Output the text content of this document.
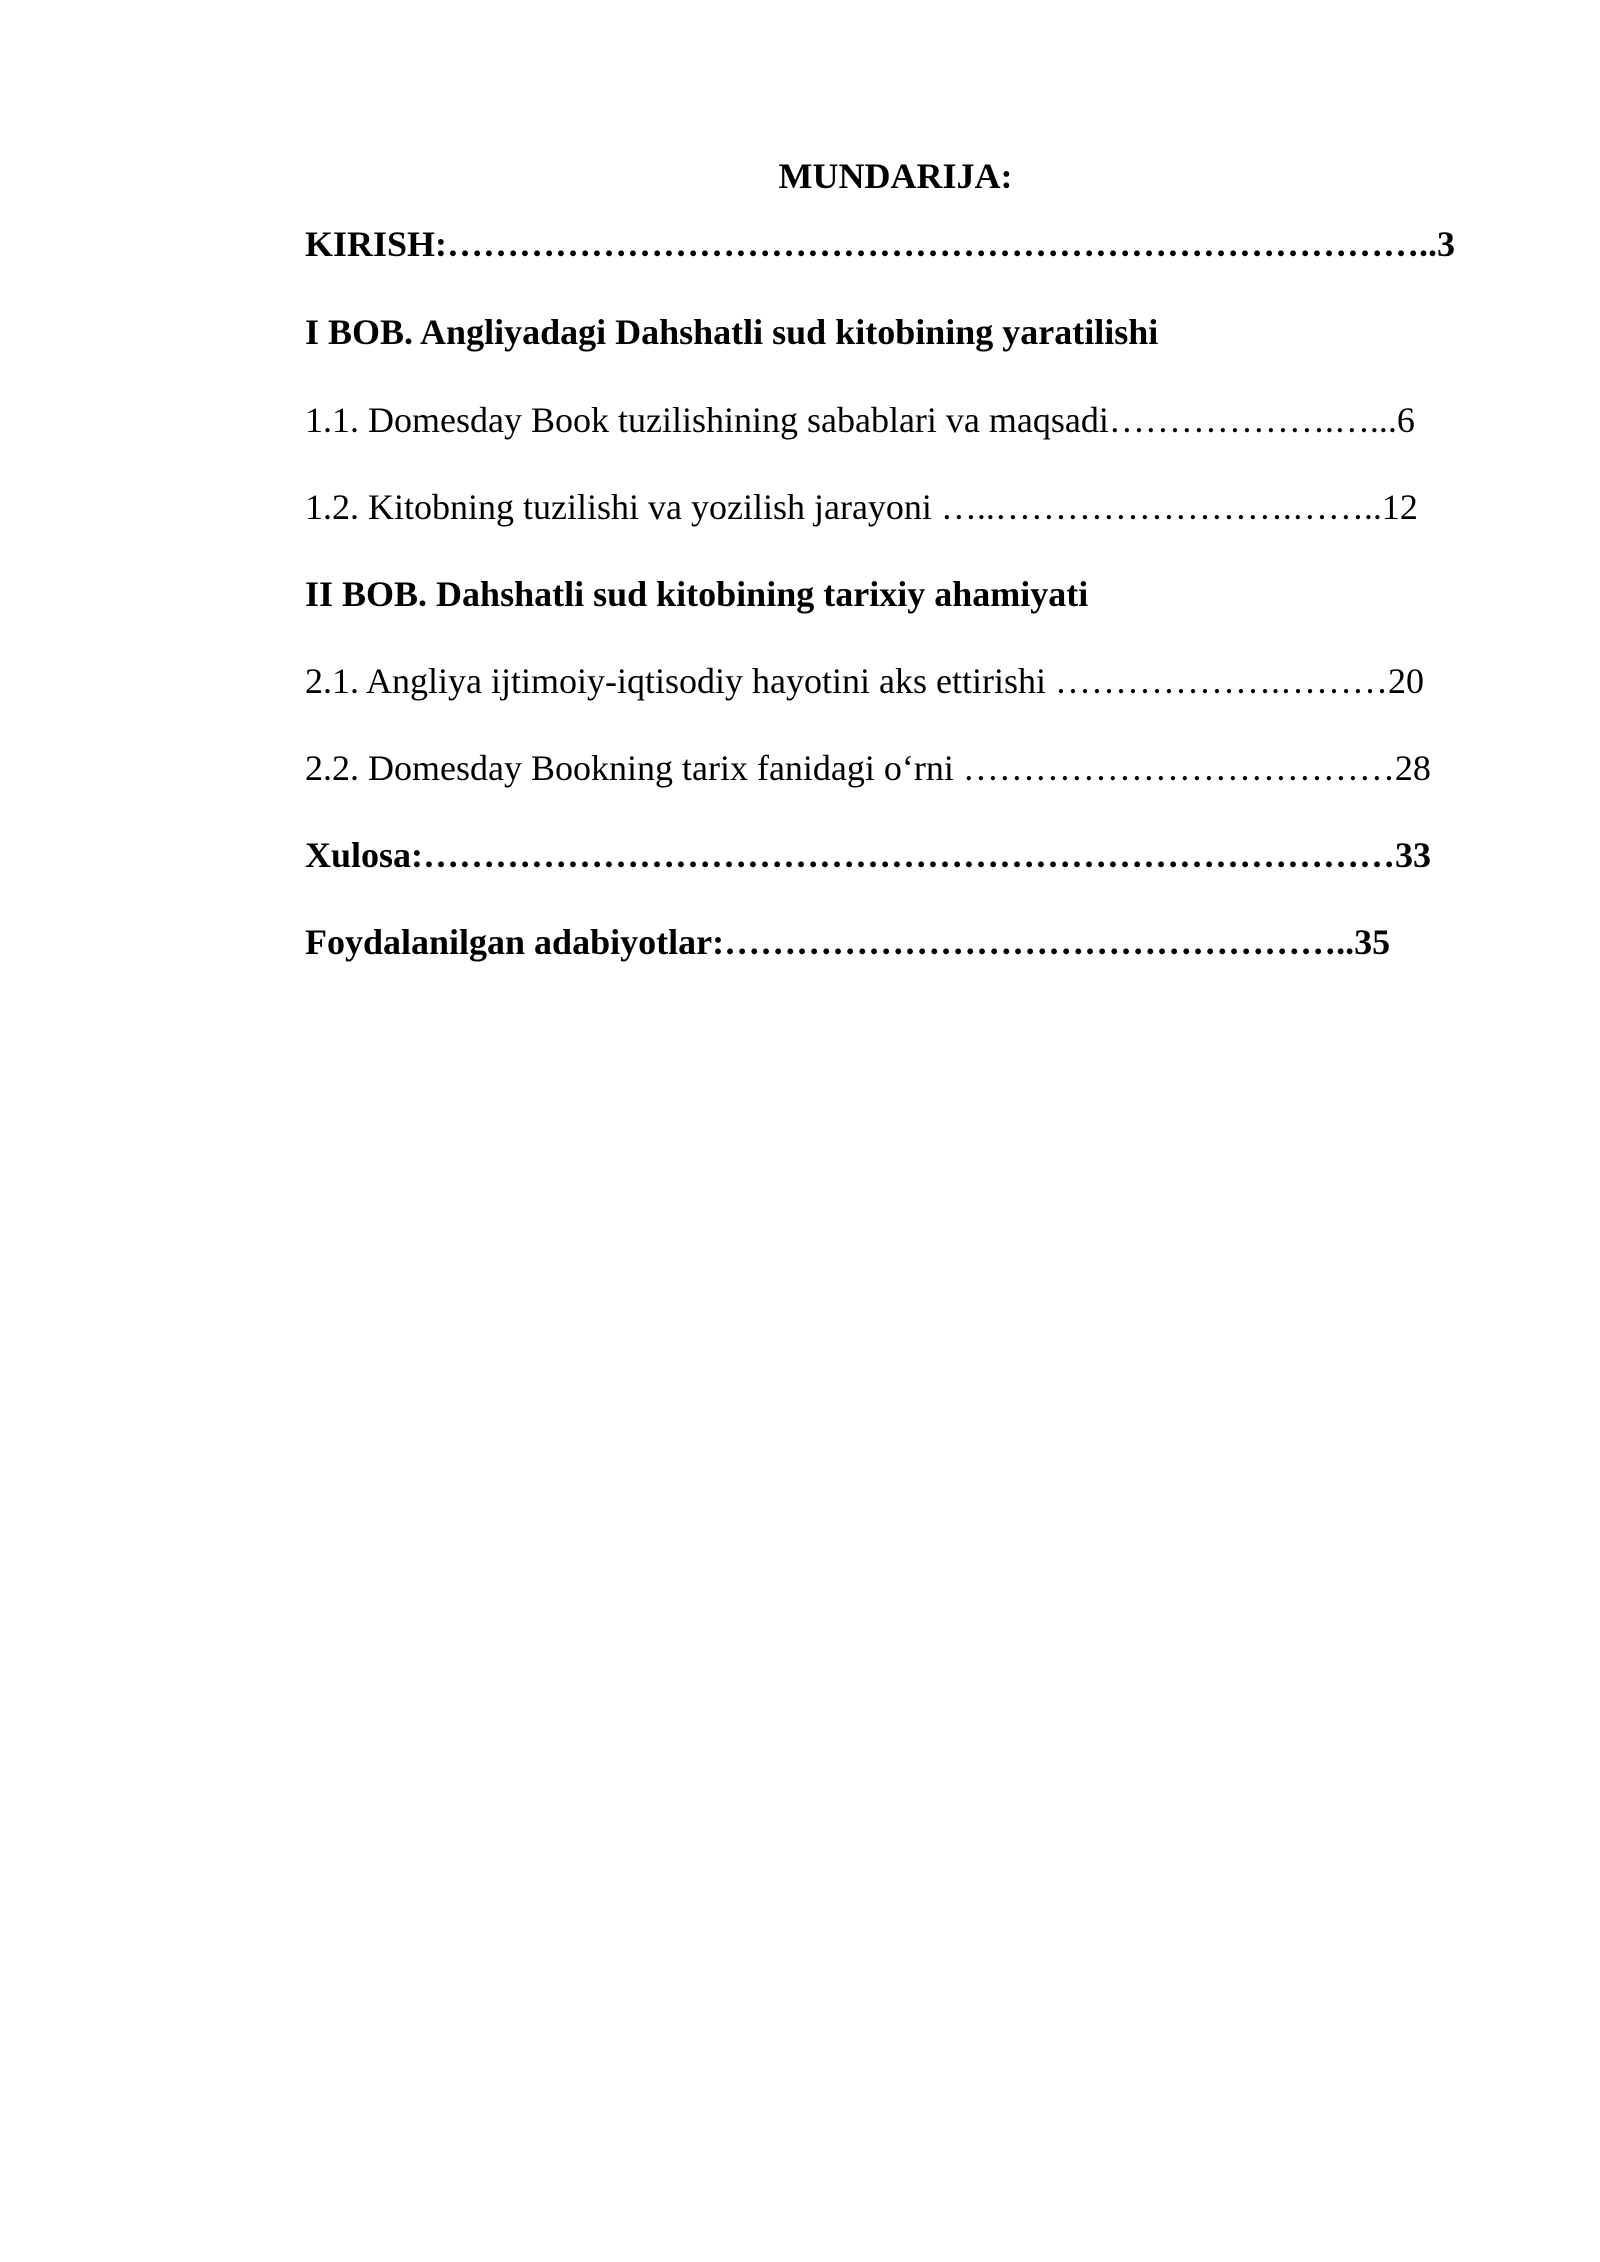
MUNDARIJA:
KIRISH:………………………………………………………………………..3
I BOB. Angliyadagi Dahshatli sud kitobining yaratilishi
1.1. Domesday Book tuzilishining sabablari va maqsadi……………….…...6
1.2. Kitobning tuzilishi va yozilish jarayoni …..…………………….……..12
II BOB. Dahshatli sud kitobining tarixiy ahamiyati
2.1. Angliya ijtimoiy-iqtisodiy hayotini aks ettirishi ……………….………20
2.2. Domesday Bookning tarix fanidagi o‘rni ………………………………28
Xulosa:………………………………………………………………………33
Foydalanilgan adabiyotlar:……………………………………………..35
